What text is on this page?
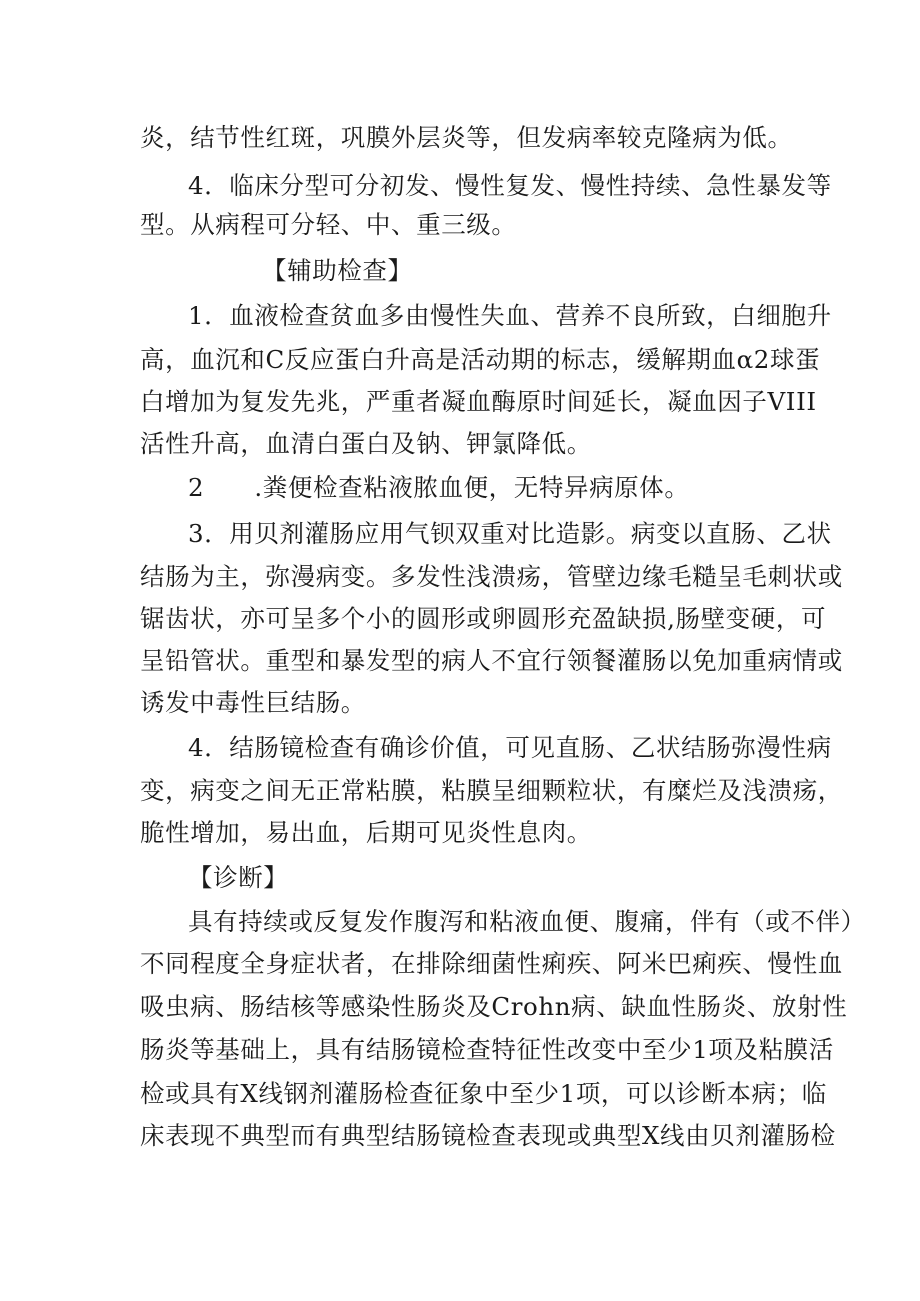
炎，结节性红斑，巩膜外层炎等，但发病率较克隆病为低。
4．临床分型可分初发、慢性复发、慢性持续、急性暴发等
型。从病程可分轻、中、重三级。
【辅助检查】
1．血液检查贫血多由慢性失血、营养不良所致，白细胞升
高，血沉和C反应蛋白升高是活动期的标志，缓解期血α2球蛋
白增加为复发先兆，严重者凝血酶原时间延长，凝血因子VIII
活性升高，血清白蛋白及钠、钾氯降低。
2　　.粪便检查粘液脓血便，无特异病原体。
3．用贝剂灌肠应用气钡双重对比造影。病变以直肠、乙状
结肠为主，弥漫病变。多发性浅溃疡，管壁边缘毛糙呈毛刺状或
锯齿状，亦可呈多个小的圆形或卵圆形充盈缺损,肠壁变硬，可
呈铅管状。重型和暴发型的病人不宜行领餐灌肠以免加重病情或
诱发中毒性巨结肠。
4．结肠镜检查有确诊价值，可见直肠、乙状结肠弥漫性病
变，病变之间无正常粘膜，粘膜呈细颗粒状，有糜烂及浅溃疡，
脆性增加，易出血，后期可见炎性息肉。
【诊断】
具有持续或反复发作腹泻和粘液血便、腹痛，伴有（或不伴）
不同程度全身症状者，在排除细菌性痢疾、阿米巴痢疾、慢性血
吸虫病、肠结核等感染性肠炎及Crohn病、缺血性肠炎、放射性
肠炎等基础上，具有结肠镜检查特征性改变中至少1项及粘膜活
检或具有X线钢剂灌肠检查征象中至少1项，可以诊断本病；临
床表现不典型而有典型结肠镜检查表现或典型X线由贝剂灌肠检
